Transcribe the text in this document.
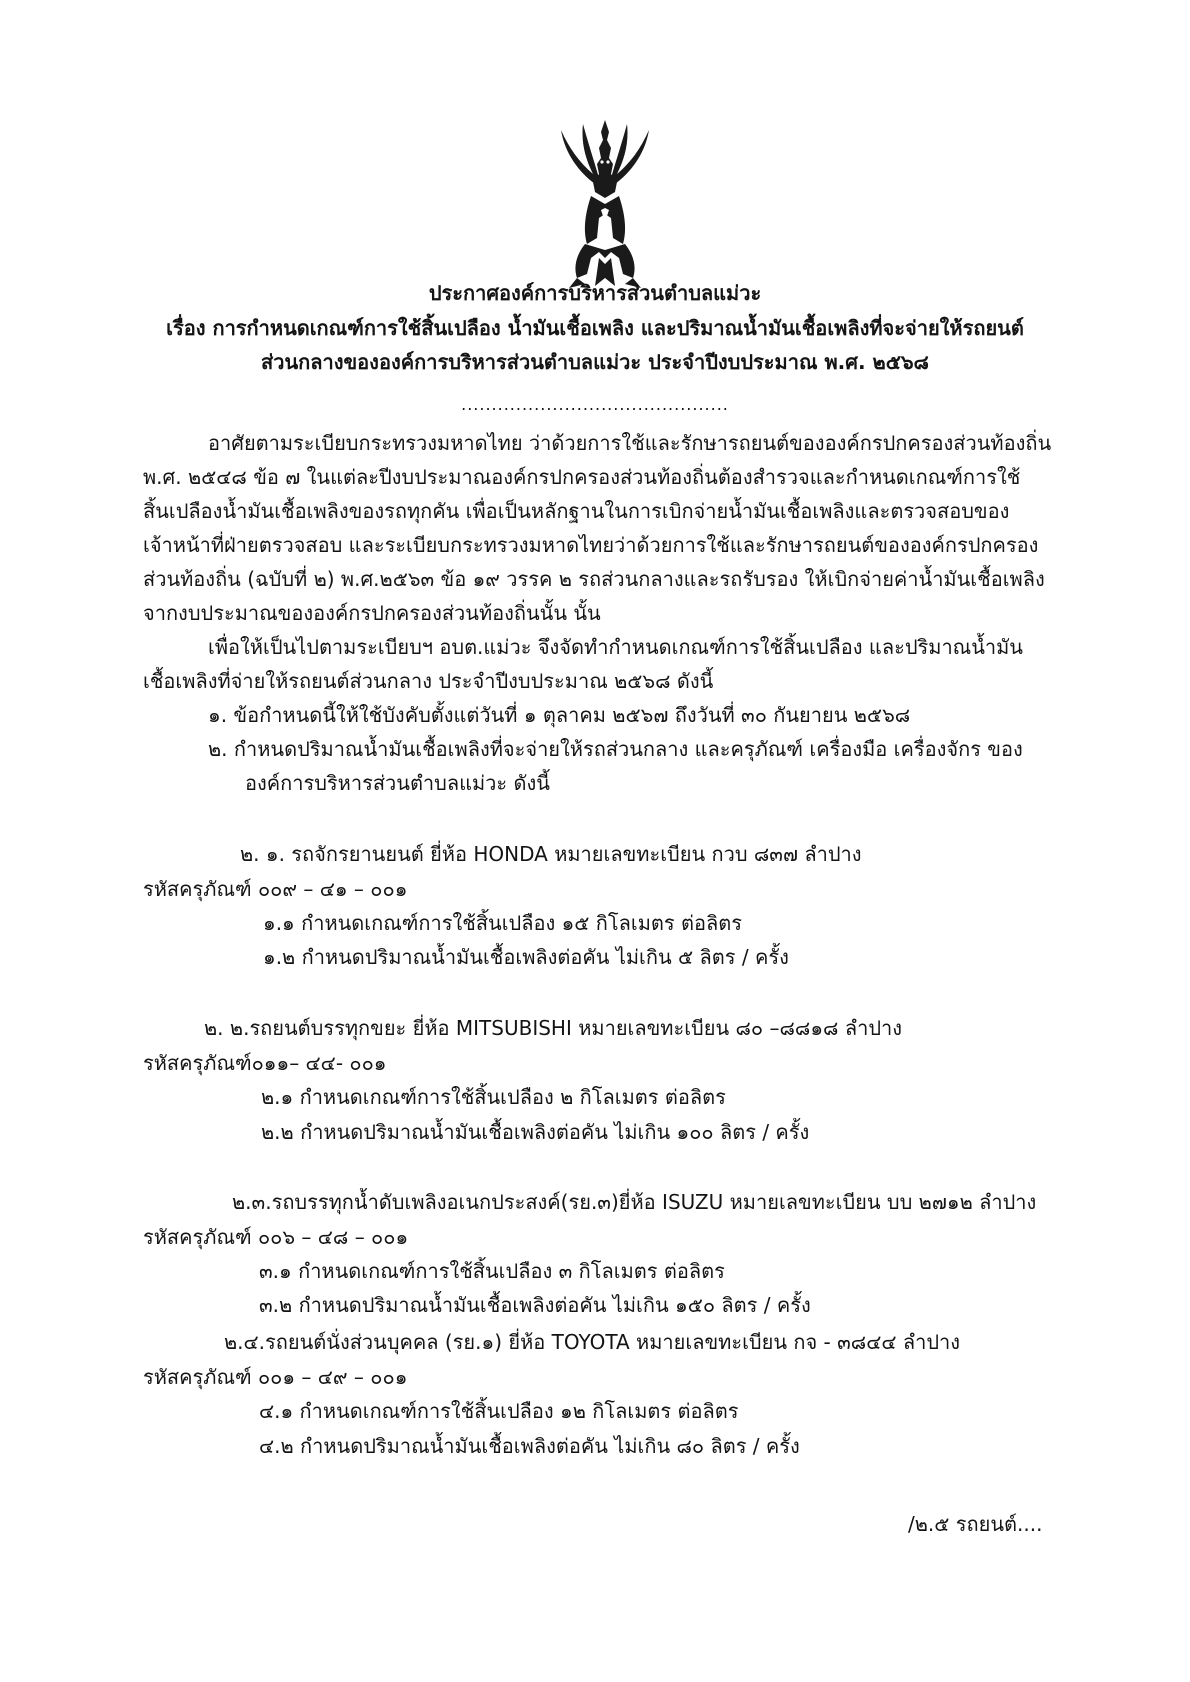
ประกาศองค์การบริหารส่วนตำบลแม่วะ
เรื่อง การกำหนดเกณฑ์การใช้สิ้นเปลือง น้ำมันเชื้อเพลิง และปริมาณน้ำมันเชื้อเพลิงที่จะจ่ายให้รถยนต์
ส่วนกลางขององค์การบริหารส่วนตำบลแม่วะ ประจำปีงบประมาณ พ.ศ. ๒๕๖๘
............................................
อาศัยตามระเบียบกระทรวงมหาดไทย ว่าด้วยการใช้และรักษารถยนต์ขององค์กรปกครองส่วนท้องถิ่น
พ.ศ. ๒๕๔๘ ข้อ ๗ ในแต่ละปีงบประมาณองค์กรปกครองส่วนท้องถิ่นต้องสำรวจและกำหนดเกณฑ์การใช้
สิ้นเปลืองน้ำมันเชื้อเพลิงของรถทุกคัน เพื่อเป็นหลักฐานในการเบิกจ่ายน้ำมันเชื้อเพลิงและตรวจสอบของ
เจ้าหน้าที่ฝ่ายตรวจสอบ และระเบียบกระทรวงมหาดไทยว่าด้วยการใช้และรักษารถยนต์ขององค์กรปกครอง
ส่วนท้องถิ่น (ฉบับที่ ๒) พ.ศ.๒๕๖๓ ข้อ ๑๙ วรรค ๒ รถส่วนกลางและรถรับรอง ให้เบิกจ่ายค่าน้ำมันเชื้อเพลิง
จากงบประมาณขององค์กรปกครองส่วนท้องถิ่นนั้น นั้น
เพื่อให้เป็นไปตามระเบียบฯ อบต.แม่วะ จึงจัดทำกำหนดเกณฑ์การใช้สิ้นเปลือง และปริมาณน้ำมัน
เชื้อเพลิงที่จ่ายให้รถยนต์ส่วนกลาง ประจำปีงบประมาณ ๒๕๖๘ ดังนี้
๑. ข้อกำหนดนี้ให้ใช้บังคับตั้งแต่วันที่ ๑ ตุลาคม ๒๕๖๗ ถึงวันที่ ๓๐ กันยายน ๒๕๖๘
๒. กำหนดปริมาณน้ำมันเชื้อเพลิงที่จะจ่ายให้รถส่วนกลาง และครุภัณฑ์ เครื่องมือ เครื่องจักร ของ
องค์การบริหารส่วนตำบลแม่วะ ดังนี้
๒. ๑. รถจักรยานยนต์ ยี่ห้อ HONDA หมายเลขทะเบียน กวบ ๘๓๗ ลำปาง
รหัสครุภัณฑ์ ๐๐๙ – ๔๑ – ๐๐๑
๑.๑ กำหนดเกณฑ์การใช้สิ้นเปลือง ๑๕ กิโลเมตร ต่อลิตร
๑.๒ กำหนดปริมาณน้ำมันเชื้อเพลิงต่อคัน ไม่เกิน ๕ ลิตร / ครั้ง
๒. ๒.รถยนต์บรรทุกขยะ ยี่ห้อ MITSUBISHI หมายเลขทะเบียน ๘๐ –๘๘๑๘ ลำปาง
รหัสครุภัณฑ์๐๑๑– ๔๔- ๐๐๑
๒.๑ กำหนดเกณฑ์การใช้สิ้นเปลือง ๒ กิโลเมตร ต่อลิตร
๒.๒ กำหนดปริมาณน้ำมันเชื้อเพลิงต่อคัน ไม่เกิน ๑๐๐ ลิตร / ครั้ง
๒.๓.รถบรรทุกน้ำดับเพลิงอเนกประสงค์(รย.๓)ยี่ห้อ ISUZU หมายเลขทะเบียน บบ ๒๗๑๒ ลำปาง
รหัสครุภัณฑ์ ๐๐๖ – ๔๘ – ๐๐๑
๓.๑ กำหนดเกณฑ์การใช้สิ้นเปลือง ๓ กิโลเมตร ต่อลิตร
๓.๒ กำหนดปริมาณน้ำมันเชื้อเพลิงต่อคัน ไม่เกิน ๑๕๐ ลิตร / ครั้ง
๒.๔.รถยนต์นั่งส่วนบุคคล (รย.๑) ยี่ห้อ TOYOTA หมายเลขทะเบียน กจ - ๓๘๔๔ ลำปาง
รหัสครุภัณฑ์ ๐๐๑ – ๔๙ – ๐๐๑
๔.๑ กำหนดเกณฑ์การใช้สิ้นเปลือง ๑๒ กิโลเมตร ต่อลิตร
๔.๒ กำหนดปริมาณน้ำมันเชื้อเพลิงต่อคัน ไม่เกิน ๘๐ ลิตร / ครั้ง
/๒.๕ รถยนต์....
